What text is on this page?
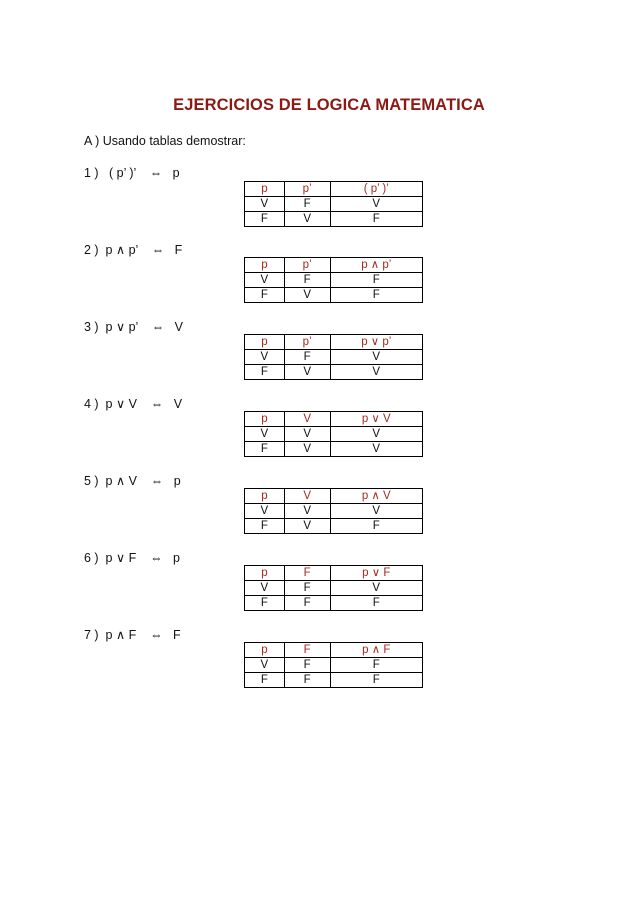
EJERCICIOS DE LOGICA MATEMATICA
A ) Usando tablas demostrar:
1 )   ( p’ )’    ⇔   p
p	p’	( p’ )’
V	F	V
F	V	F
2 )  p ∧ p’    ⇔   F
p	p’	p ∧ p’
V	F	F
F	V	F
3 )  p ∨ p’    ⇔   V
p	p’	p ∨ p’
V	F	V
F	V	V
4 )  p ∨ V    ⇔   V
p	V	p ∨ V
V	V	V
F	V	V
5 )  p ∧ V    ⇔   p
p	V	p ∧ V
V	V	V
F	V	F
6 )  p ∨ F    ⇔   p
p	F	p ∨ F
V	F	V
F	F	F
7 )  p ∧ F    ⇔   F
p	F	p ∧ F
V	F	F
F	F	F
